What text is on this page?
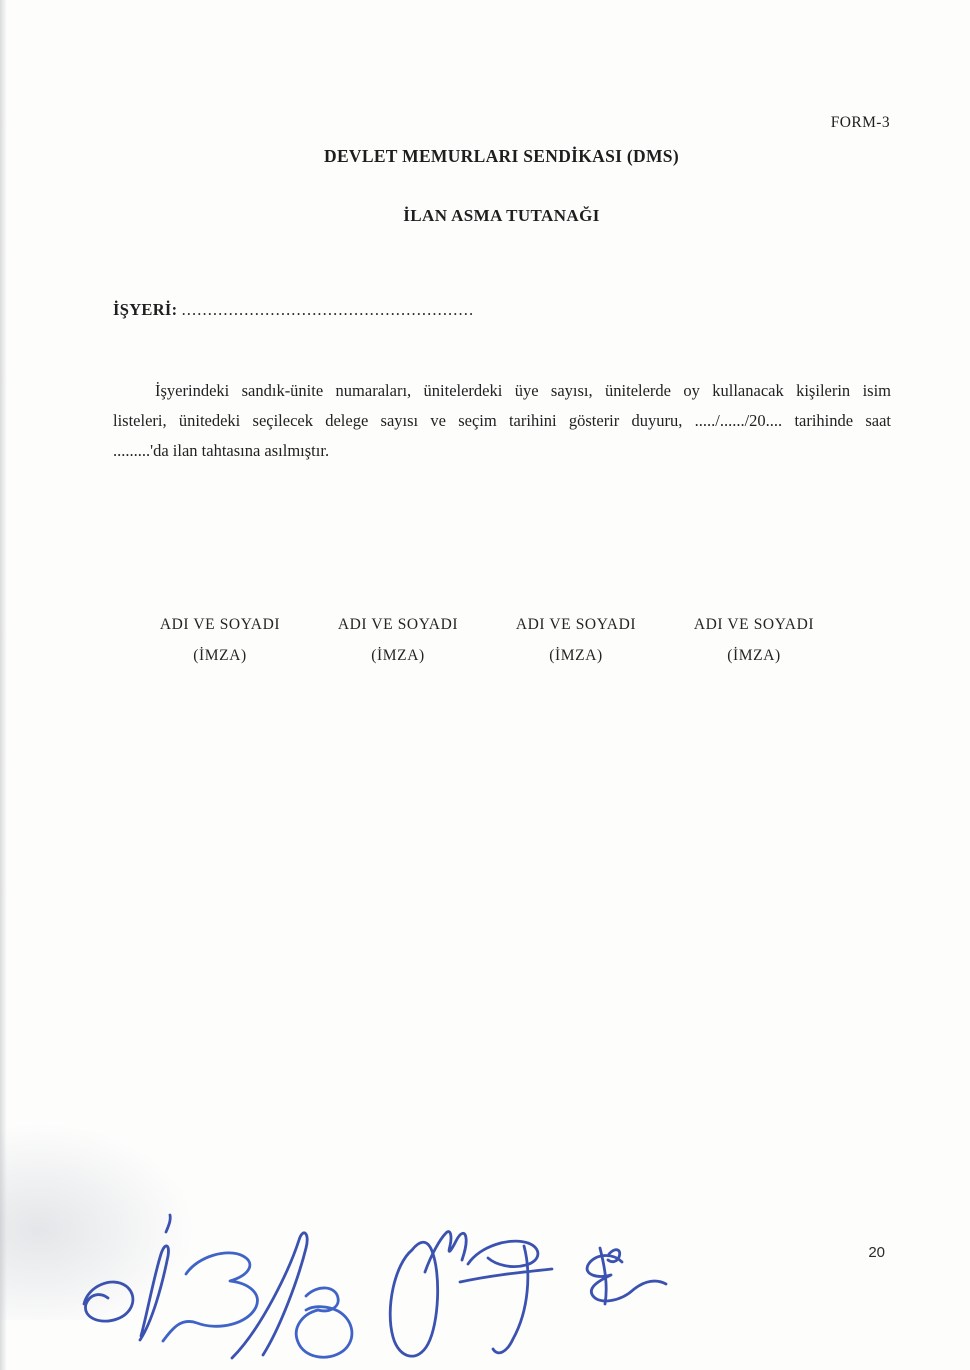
FORM-3
DEVLET MEMURLARI SENDİKASI (DMS)
İLAN ASMA TUTANAĞI
İŞYERİ: ........................................................
İşyerindeki sandık-ünite numaraları, ünitelerdeki üye sayısı, ünitelerde oy kullanacak kişilerin isim
listeleri, ünitedeki seçilecek delege sayısı ve seçim tarihini gösterir duyuru, ...../....../20.... tarihinde saat
.........'da ilan tahtasına asılmıştır.
ADI VE SOYADI
(İMZA)
ADI VE SOYADI
(İMZA)
ADI VE SOYADI
(İMZA)
ADI VE SOYADI
(İMZA)
20
